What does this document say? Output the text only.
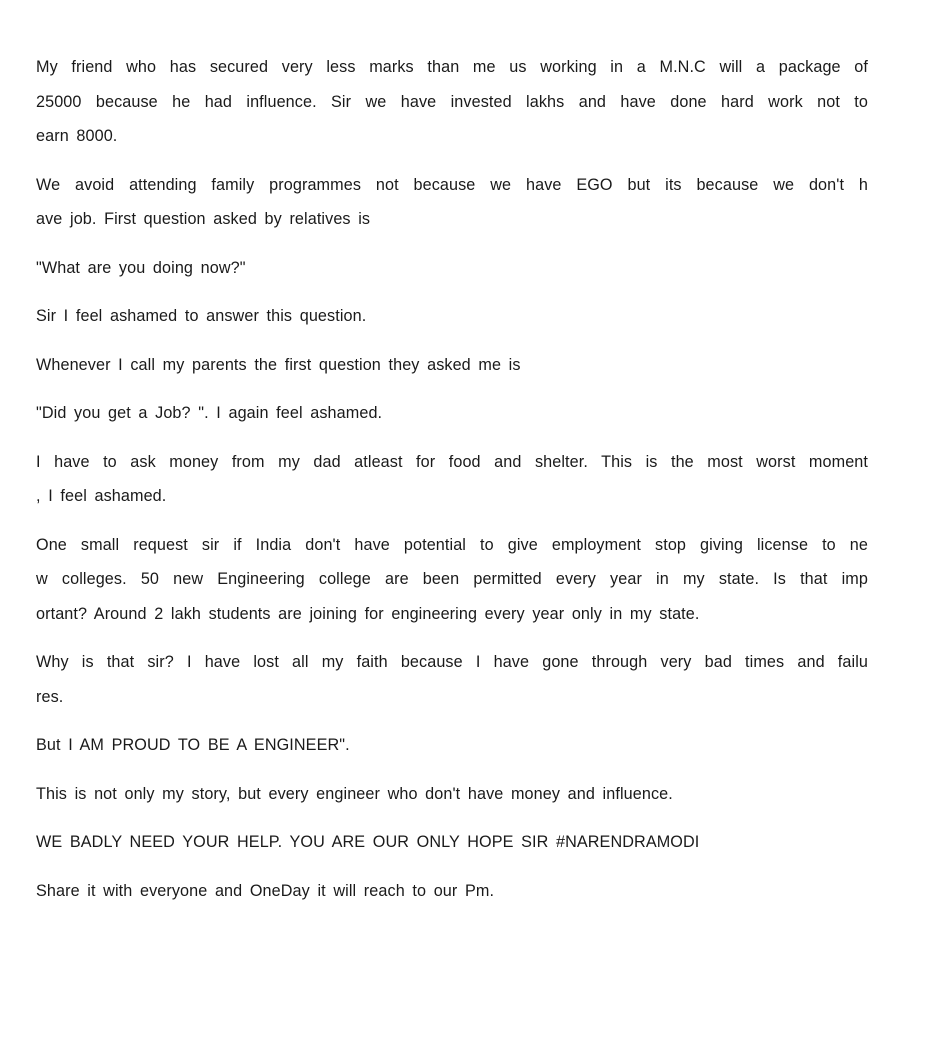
My friend who has secured very less marks than me us working in a M.N.C will a package of
25000 because he had influence. Sir we have invested lakhs and have done hard work not to
earn 8000.

We avoid attending family programmes not because we have EGO but its because we don't h
ave job. First question asked by relatives is

"What are you doing now?"

Sir I feel ashamed to answer this question.

Whenever I call my parents the first question they asked me is

"Did you get a Job? ". I again feel ashamed.

I have to ask money from my dad atleast for food and shelter. This is the most worst moment
, I feel ashamed.

One small request sir if India don't have potential to give employment stop giving license to ne
w colleges. 50 new Engineering college are been permitted every year in my state. Is that imp
ortant? Around 2 lakh students are joining for engineering every year only in my state.

Why is that sir? I have lost all my faith because I have gone through very bad times and failu
res.

But I AM PROUD TO BE A ENGINEER".

This is not only my story, but every engineer who don't have money and influence.

WE BADLY NEED YOUR HELP. YOU ARE OUR ONLY HOPE SIR #NARENDRAMODI

Share it with everyone and OneDay it will reach to our Pm.
